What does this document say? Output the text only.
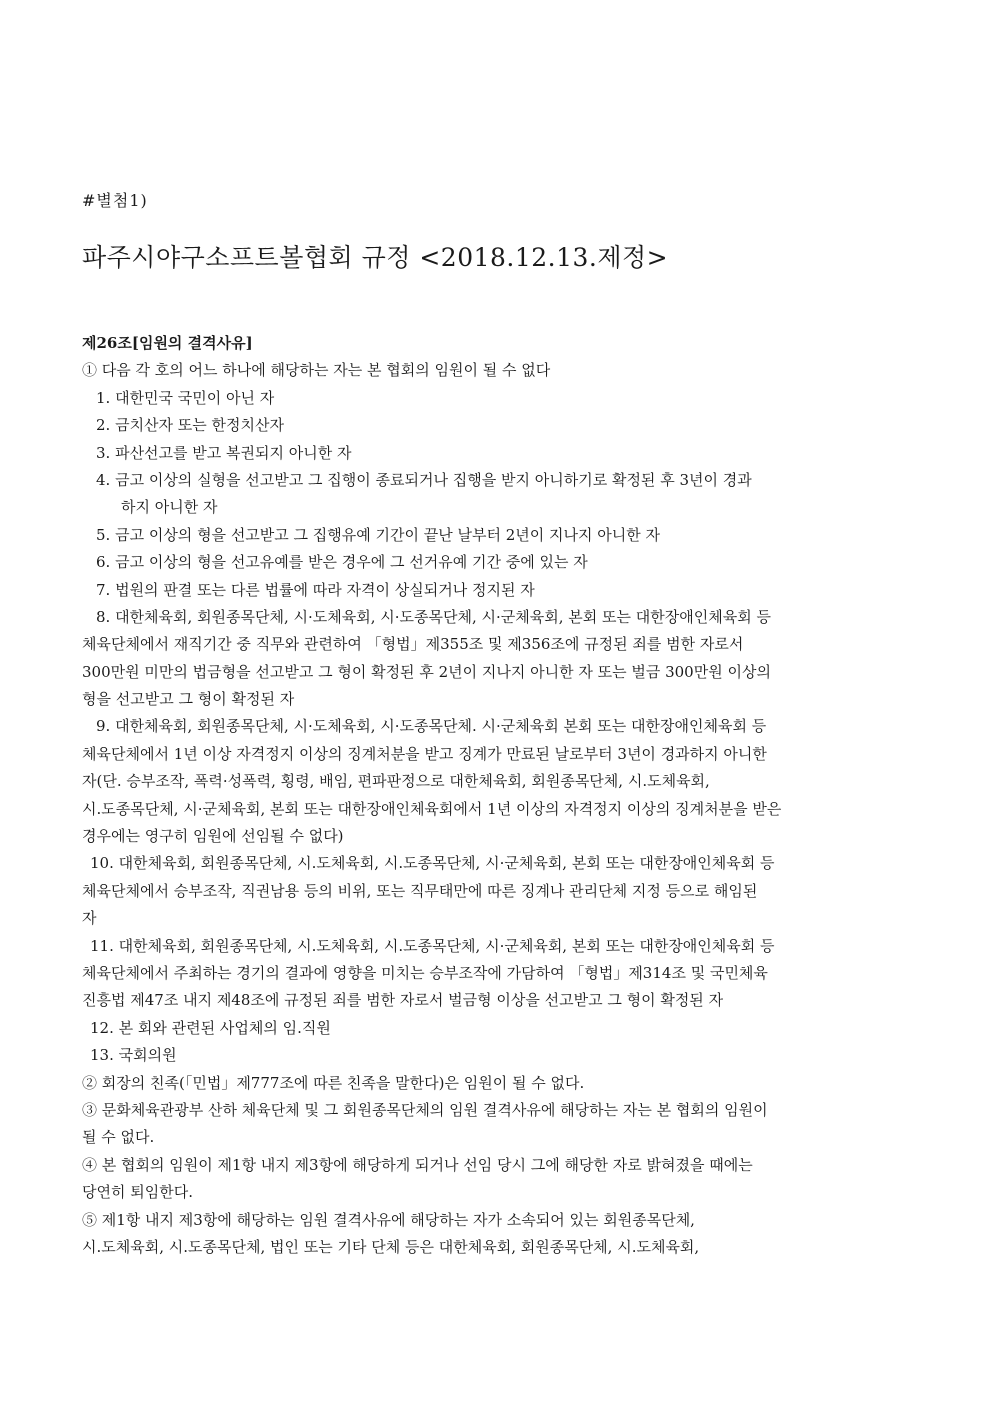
#별첨1)
파주시야구소프트볼협회 규정 <2018.12.13.제정>
제26조[임원의 결격사유]
① 다음 각 호의 어느 하나에 해당하는 자는 본 협회의 임원이 될 수 없다
1. 대한민국 국민이 아닌 자
2. 금치산자 또는 한정치산자
3. 파산선고를 받고 복권되지 아니한 자
4. 금고 이상의 실형을 선고받고 그 집행이 종료되거나 집행을 받지 아니하기로 확정된 후 3년이 경과
하지 아니한 자
5. 금고 이상의 형을 선고받고 그 집행유예 기간이 끝난 날부터 2년이 지나지 아니한 자
6. 금고 이상의 형을 선고유예를 받은 경우에 그 선거유예 기간 중에 있는 자
7. 법원의 판결 또는 다른 법률에 따라 자격이 상실되거나 정지된 자
8. 대한체육회, 회원종목단체, 시·도체육회, 시·도종목단체, 시·군체육회, 본회 또는 대한장애인체육회 등
체육단체에서 재직기간 중 직무와 관련하여 「형법」제355조 및 제356조에 규정된 죄를 범한 자로서
300만원 미만의 법금형을 선고받고 그 형이 확정된 후 2년이 지나지 아니한 자 또는 벌금 300만원 이상의
형을 선고받고 그 형이 확정된 자
9. 대한체육회, 회원종목단체, 시·도체육회, 시·도종목단체. 시·군체육회 본회 또는 대한장애인체육회 등
체육단체에서 1년 이상 자격정지 이상의 징계처분을 받고 징계가 만료된 날로부터 3년이 경과하지 아니한
자(단. 승부조작, 폭력·성폭력, 횡령, 배임, 편파판정으로 대한체육회, 회원종목단체, 시.도체육회,
시.도종목단체, 시·군체육회, 본회 또는 대한장애인체육회에서 1년 이상의 자격정지 이상의 징계처분을 받은
경우에는 영구히 임원에 선임될 수 없다)
10. 대한체육회, 회원종목단체, 시.도체육회, 시.도종목단체, 시·군체육회, 본회 또는 대한장애인체육회 등
체육단체에서 승부조작, 직권남용 등의 비위, 또는 직무태만에 따른 징계나 관리단체 지정 등으로 해임된
자
11. 대한체육회, 회원종목단체, 시.도체육회, 시.도종목단체, 시·군체육회, 본회 또는 대한장애인체육회 등
체육단체에서 주최하는 경기의 결과에 영향을 미치는 승부조작에 가담하여 「형법」제314조 및 국민체육
진흥법 제47조 내지 제48조에 규정된 죄를 범한 자로서 벌금형 이상을 선고받고 그 형이 확정된 자
12. 본 회와 관련된 사업체의 임.직원
13. 국회의원
② 회장의 친족(「민법」제777조에 따른 친족을 말한다)은 임원이 될 수 없다.
③ 문화체육관광부 산하 체육단체 및 그 회원종목단체의 임원 결격사유에 해당하는 자는 본 협회의 임원이
될 수 없다.
④ 본 협회의 임원이 제1항 내지 제3항에 해당하게 되거나 선임 당시 그에 해당한 자로 밝혀졌을 때에는
당연히 퇴임한다.
⑤ 제1항 내지 제3항에 해당하는 임원 결격사유에 해당하는 자가 소속되어 있는 회원종목단체,
시.도체육회, 시.도종목단체, 법인 또는 기타 단체 등은 대한체육회, 회원종목단체, 시.도체육회,
